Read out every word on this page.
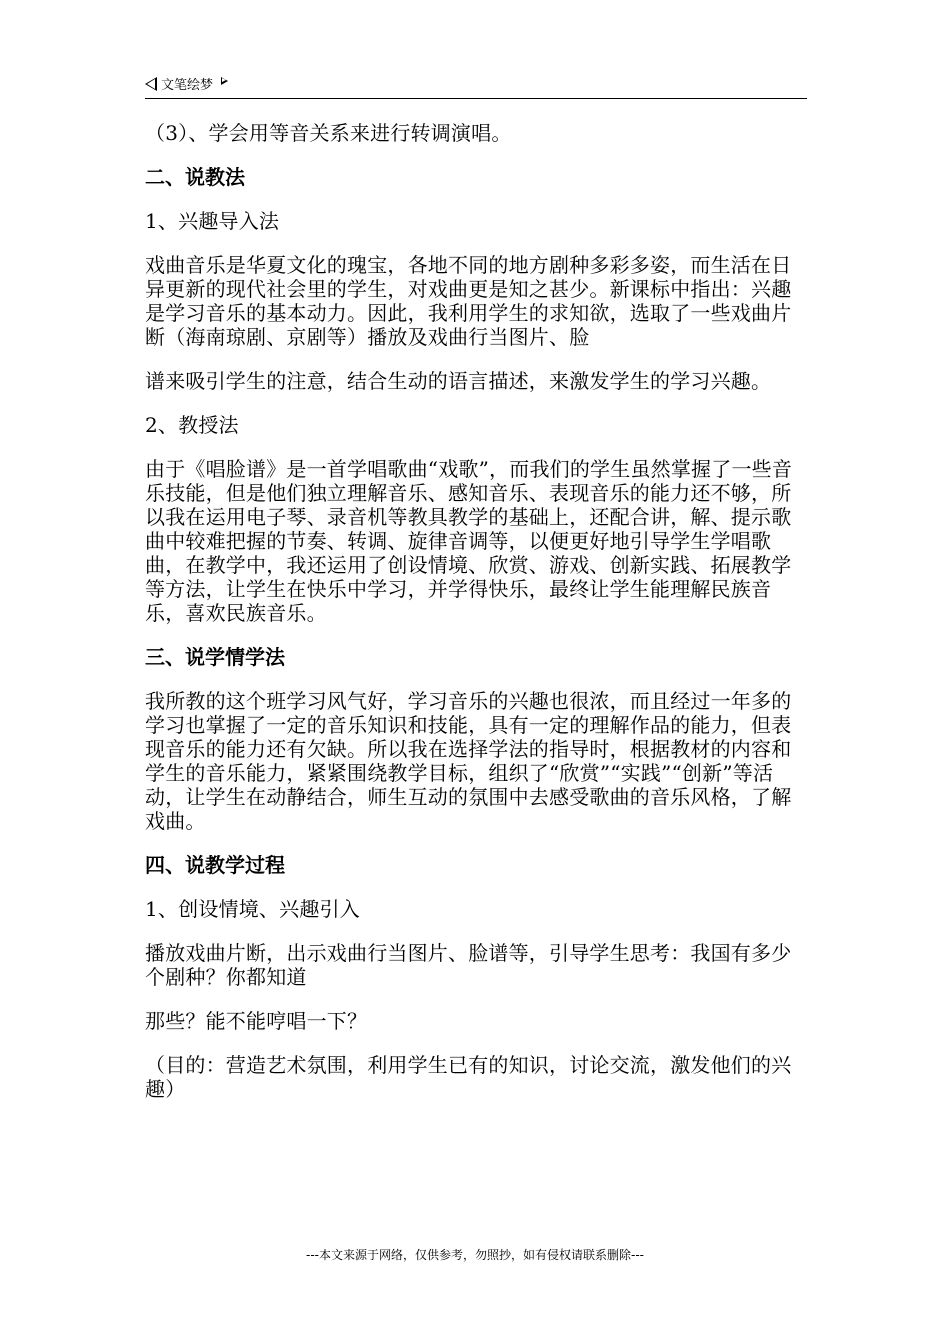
文笔绘梦

（3）、学会用等音关系来进行转调演唱。

二、说教法

1、兴趣导入法

戏曲音乐是华夏文化的瑰宝，各地不同的地方剧种多彩多姿，而生活在日异更新的现代社会里的学生，对戏曲更是知之甚少。新课标中指出：兴趣是学习音乐的基本动力。因此，我利用学生的求知欲，选取了一些戏曲片断（海南琼剧、京剧等）播放及戏曲行当图片、脸

谱来吸引学生的注意，结合生动的语言描述，来激发学生的学习兴趣。

2、教授法

由于《唱脸谱》是一首学唱歌曲“戏歌”，而我们的学生虽然掌握了一些音乐技能，但是他们独立理解音乐、感知音乐、表现音乐的能力还不够，所以我在运用电子琴、录音机等教具教学的基础上，还配合讲，解、提示歌曲中较难把握的节奏、转调、旋律音调等，以便更好地引导学生学唱歌曲，在教学中，我还运用了创设情境、欣赏、游戏、创新实践、拓展教学等方法，让学生在快乐中学习，并学得快乐，最终让学生能理解民族音乐，喜欢民族音乐。

三、说学情学法

我所教的这个班学习风气好，学习音乐的兴趣也很浓，而且经过一年多的学习也掌握了一定的音乐知识和技能，具有一定的理解作品的能力，但表现音乐的能力还有欠缺。所以我在选择学法的指导时，根据教材的内容和学生的音乐能力，紧紧围绕教学目标，组织了“欣赏”“实践”“创新”等活动，让学生在动静结合，师生互动的氛围中去感受歌曲的音乐风格，了解戏曲。

四、说教学过程

1、创设情境、兴趣引入

播放戏曲片断，出示戏曲行当图片、脸谱等，引导学生思考：我国有多少个剧种？你都知道

那些？能不能哼唱一下？

（目的：营造艺术氛围，利用学生已有的知识，讨论交流，激发他们的兴趣）

---本文来源于网络，仅供参考，勿照抄，如有侵权请联系删除---
